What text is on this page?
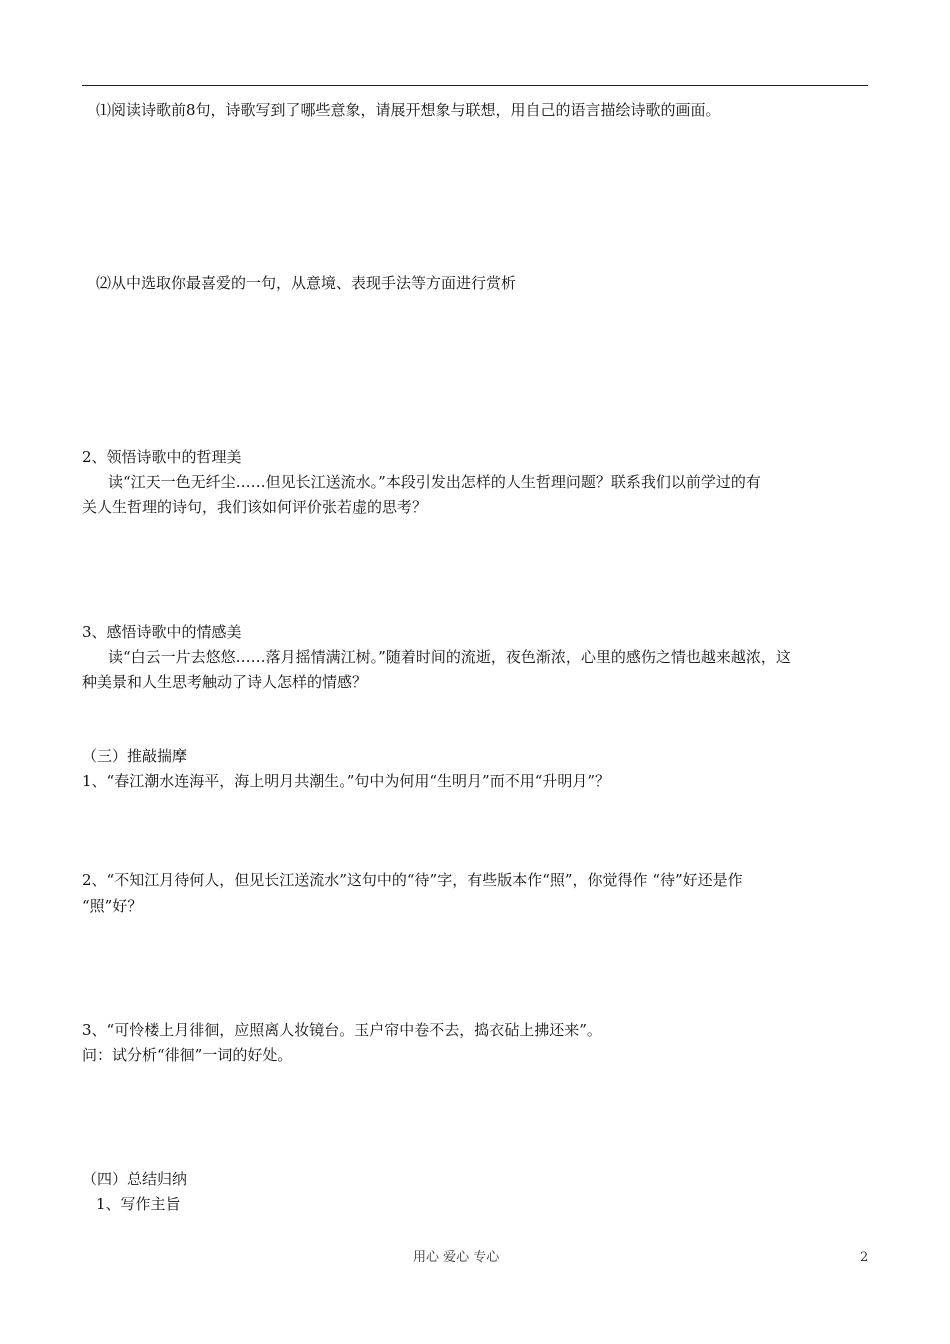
⑴阅读诗歌前8句，诗歌写到了哪些意象，请展开想象与联想，用自己的语言描绘诗歌的画面。
⑵从中选取你最喜爱的一句，从意境、表现手法等方面进行赏析
2、领悟诗歌中的哲理美
读“江天一色无纤尘……但见长江送流水。”本段引发出怎样的人生哲理问题？联系我们以前学过的有
关人生哲理的诗句，我们该如何评价张若虚的思考？
3、感悟诗歌中的情感美
读“白云一片去悠悠……落月摇情满江树。”随着时间的流逝，夜色渐浓，心里的感伤之情也越来越浓，这
种美景和人生思考触动了诗人怎样的情感？
（三）推敲揣摩
1、“春江潮水连海平，海上明月共潮生。”句中为何用“生明月”而不用“升明月”？
2、“不知江月待何人，但见长江送流水”这句中的“待”字，有些版本作“照”，你觉得作 “待”好还是作
“照”好？
3、“可怜楼上月徘徊，应照离人妆镜台。玉户帘中卷不去，捣衣砧上拂还来”。
问：试分析“徘徊”一词的好处。
（四）总结归纳
1、写作主旨
用心 爱心 专心	2
